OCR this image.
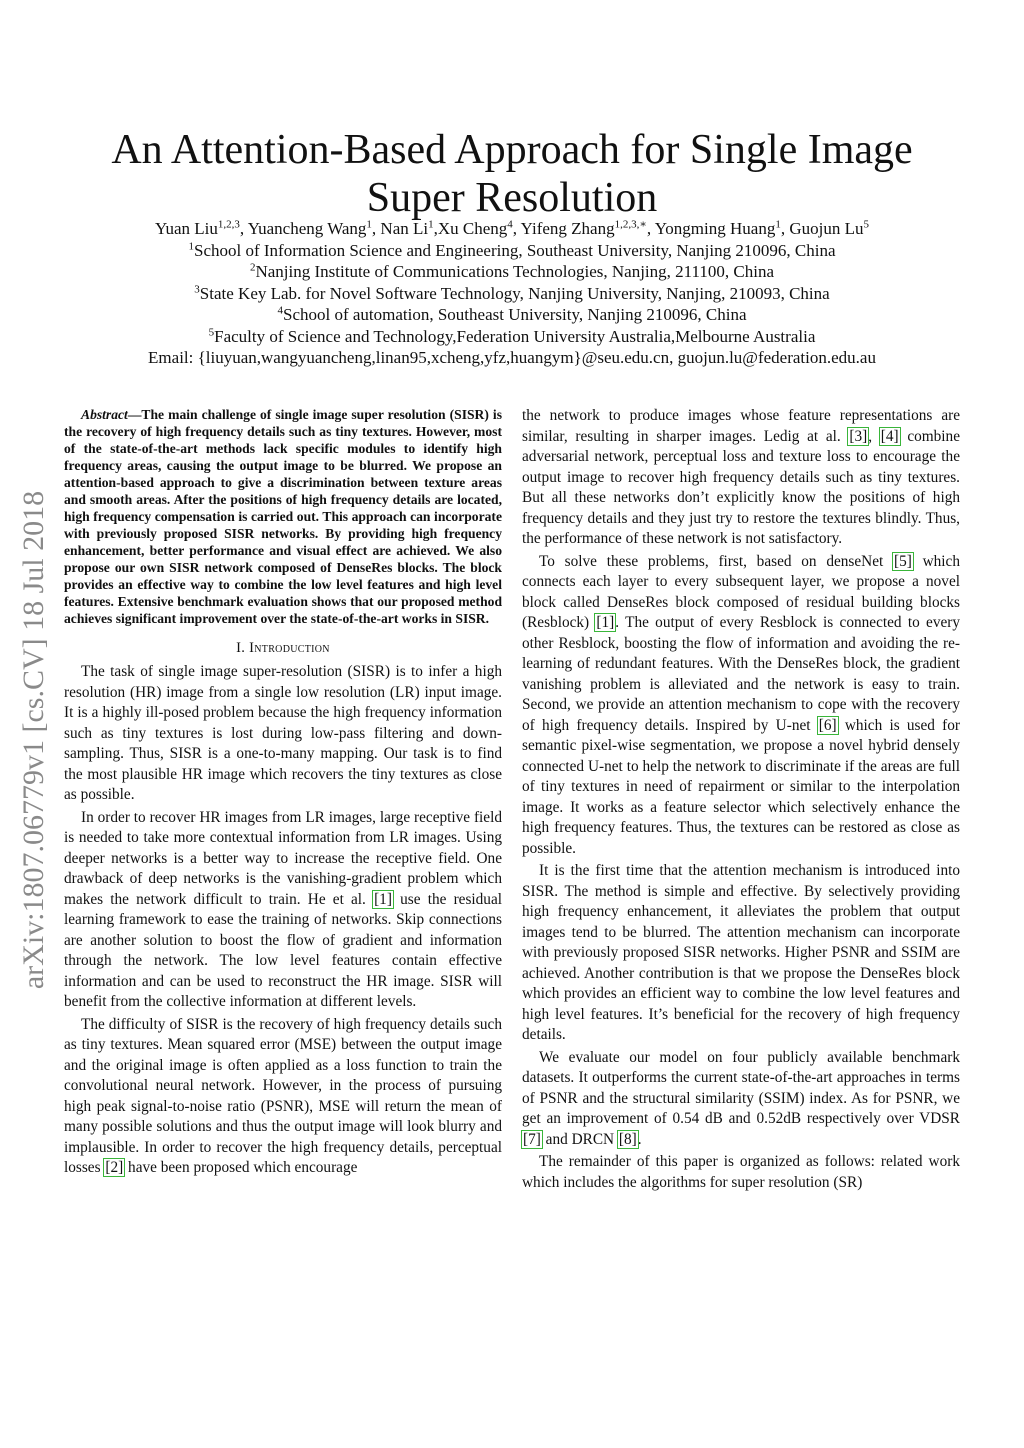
An Attention-Based Approach for Single Image
Super Resolution
Yuan Liu$^{1,2,3}$, Yuancheng Wang$^1$, Nan Li$^1$,Xu Cheng$^4$, Yifeng Zhang$^{1,2,3,∗}$, Yongming Huang$^1$, Guojun Lu$^5$
$^1$School of Information Science and Engineering, Southeast University, Nanjing 210096, China
$^2$Nanjing Institute of Communications Technologies, Nanjing, 211100, China
$^3$State Key Lab. for Novel Software Technology, Nanjing University, Nanjing, 210093, China
$^4$School of automation, Southeast University, Nanjing 210096, China
$^5$Faculty of Science and Technology,Federation University Australia,Melbourne Australia
Email: {liuyuan,wangyuancheng,linan95,xcheng,yfz,huangym}@seu.edu.cn, guojun.lu@federation.edu.au
arXiv:1807.06779v1 [cs.CV] 18 Jul 2018

Abstract—The main challenge of single image super resolution (SISR) is the recovery of high frequency details such as tiny textures. However, most of the state-of-the-art methods lack specific modules to identify high frequency areas, causing the output image to be blurred. We propose an attention-based approach to give a discrimination between texture areas and smooth areas. After the positions of high frequency details are located, high frequency compensation is carried out. This approach can incorporate with previously proposed SISR networks. By providing high frequency enhancement, better performance and visual effect are achieved. We also propose our own SISR network composed of DenseRes blocks. The block provides an effective way to combine the low level features and high level features. Extensive benchmark evaluation shows that our proposed method achieves significant improvement over the state-of-the-art works in SISR.

I. Introduction

The task of single image super-resolution (SISR) is to infer a high resolution (HR) image from a single low resolution (LR) input image. It is a highly ill-posed problem because the high frequency information such as tiny textures is lost during low-pass filtering and down-sampling. Thus, SISR is a one-to-many mapping. Our task is to find the most plausible HR image which recovers the tiny textures as close as possible.

In order to recover HR images from LR images, large receptive field is needed to take more contextual information from LR images. Using deeper networks is a better way to increase the receptive field. One drawback of deep networks is the vanishing-gradient problem which makes the network difficult to train. He et al. [1] use the residual learning framework to ease the training of networks. Skip connections are another solution to boost the flow of gradient and information through the network. The low level features contain effective information and can be used to reconstruct the HR image. SISR will benefit from the collective information at different levels.

The difficulty of SISR is the recovery of high frequency details such as tiny textures. Mean squared error (MSE) between the output image and the original image is often applied as a loss function to train the convolutional neural network. However, in the process of pursuing high peak signal-to-noise ratio (PSNR), MSE will return the mean of many possible solutions and thus the output image will look blurry and implausible. In order to recover the high frequency details, perceptual losses [2] have been proposed which encourage

the network to produce images whose feature representations are similar, resulting in sharper images. Ledig at al. [3], [4] combine adversarial network, perceptual loss and texture loss to encourage the output image to recover high frequency details such as tiny textures. But all these networks don’t explicitly know the positions of high frequency details and they just try to restore the textures blindly. Thus, the performance of these network is not satisfactory.

To solve these problems, first, based on denseNet [5] which connects each layer to every subsequent layer, we propose a novel block called DenseRes block composed of residual building blocks (Resblock) [1]. The output of every Resblock is connected to every other Resblock, boosting the flow of information and avoiding the re-learning of redundant features. With the DenseRes block, the gradient vanishing problem is alleviated and the network is easy to train. Second, we provide an attention mechanism to cope with the recovery of high frequency details. Inspired by U-net [6] which is used for semantic pixel-wise segmentation, we propose a novel hybrid densely connected U-net to help the network to discriminate if the areas are full of tiny textures in need of repairment or similar to the interpolation image. It works as a feature selector which selectively enhance the high frequency features. Thus, the textures can be restored as close as possible.

It is the first time that the attention mechanism is introduced into SISR. The method is simple and effective. By selectively providing high frequency enhancement, it alleviates the problem that output images tend to be blurred. The attention mechanism can incorporate with previously proposed SISR networks. Higher PSNR and SSIM are achieved. Another contribution is that we propose the DenseRes block which provides an efficient way to combine the low level features and high level features. It’s beneficial for the recovery of high frequency details.

We evaluate our model on four publicly available benchmark datasets. It outperforms the current state-of-the-art approaches in terms of PSNR and the structural similarity (SSIM) index. As for PSNR, we get an improvement of 0.54 dB and 0.52dB respectively over VDSR [7] and DRCN [8].

The remainder of this paper is organized as follows: related work which includes the algorithms for super resolution (SR)
